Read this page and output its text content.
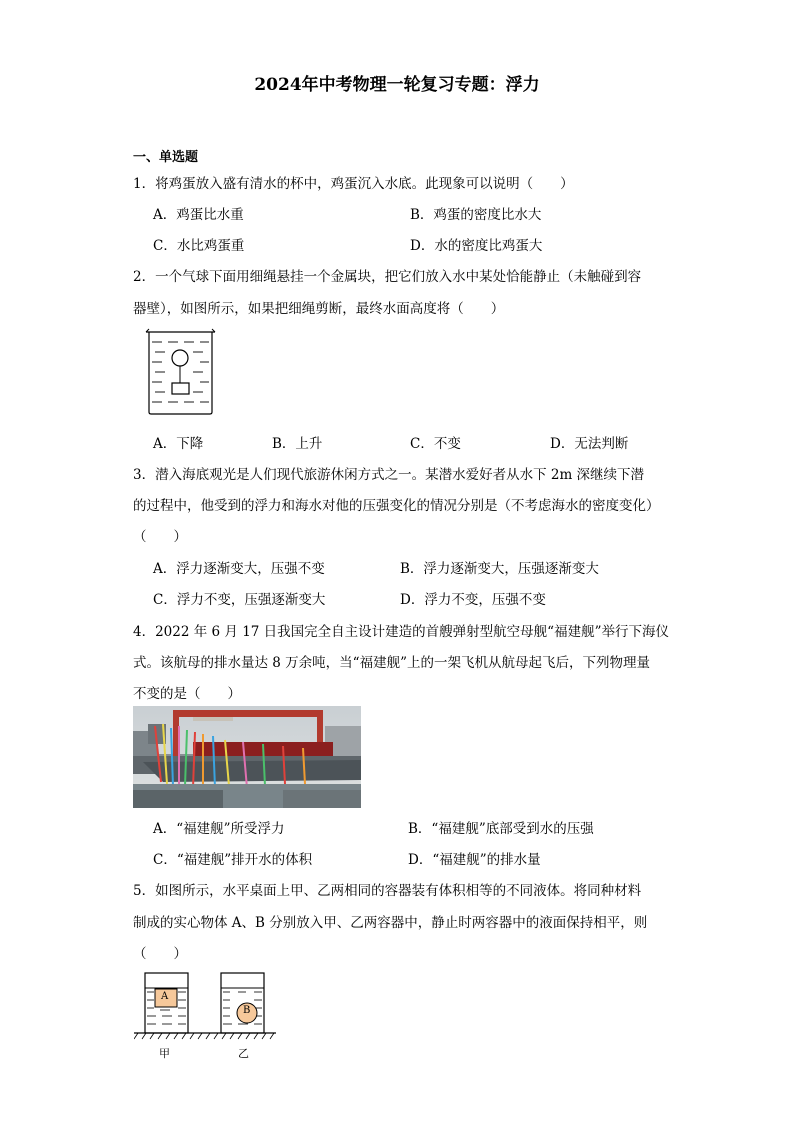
2024年中考物理一轮复习专题：浮力
一、单选题
1．将鸡蛋放入盛有清水的杯中，鸡蛋沉入水底。此现象可以说明（　　）
A．鸡蛋比水重	B．鸡蛋的密度比水大
C．水比鸡蛋重	D．水的密度比鸡蛋大
2．一个气球下面用细绳悬挂一个金属块，把它们放入水中某处恰能静止（未触碰到容
器壁），如图所示，如果把细绳剪断，最终水面高度将（　　）
A．下降	B．上升	C．不变	D．无法判断
3．潜入海底观光是人们现代旅游休闲方式之一。某潜水爱好者从水下 2m 深继续下潜
的过程中，他受到的浮力和海水对他的压强变化的情况分别是（不考虑海水的密度变化）
（　　）
A．浮力逐渐变大，压强不变	B．浮力逐渐变大，压强逐渐变大
C．浮力不变，压强逐渐变大	D．浮力不变，压强不变
4．2022 年 6 月 17 日我国完全自主设计建造的首艘弹射型航空母舰“福建舰”举行下海仪
式。该航母的排水量达 8 万余吨，当“福建舰”上的一架飞机从航母起飞后，下列物理量
不变的是（　　）
A．“福建舰”所受浮力	B．“福建舰”底部受到水的压强
C．“福建舰”排开水的体积	D．“福建舰”的排水量
5．如图所示，水平桌面上甲、乙两相同的容器装有体积相等的不同液体。将同种材料
制成的实心物体 A、B 分别放入甲、乙两容器中，静止时两容器中的液面保持相平，则
（　　）
A
B
甲	乙
